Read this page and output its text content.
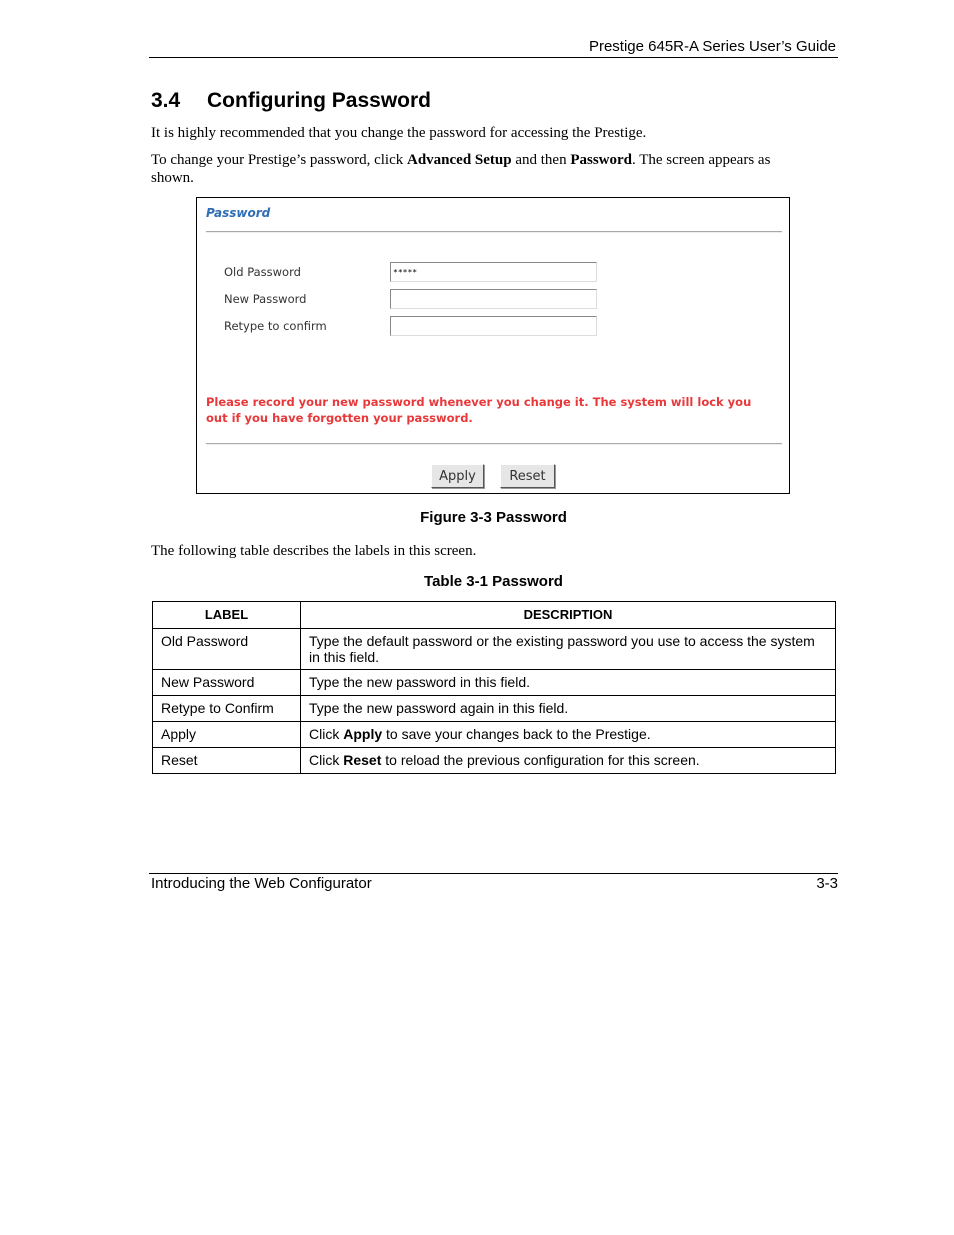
Prestige 645R-A Series User’s Guide
3.4 Configuring Password

It is highly recommended that you change the password for accessing the Prestige.

To change your Prestige’s password, click Advanced Setup and then Password. The screen appears as shown.

Password
Old Password
*****
New Password
Retype to confirm
Please record your new password whenever you change it. The system will lock you out if you have forgotten your password.
Apply	Reset
Figure 3-3 Password

The following table describes the labels in this screen.

Table 3-1 Password
LABEL	DESCRIPTION
Old Password	Type the default password or the existing password you use to access the system in this field.
New Password	Type the new password in this field.
Retype to Confirm	Type the new password again in this field.
Apply	Click Apply to save your changes back to the Prestige.
Reset	Click Reset to reload the previous configuration for this screen.
Introducing the Web Configurator	3-3
